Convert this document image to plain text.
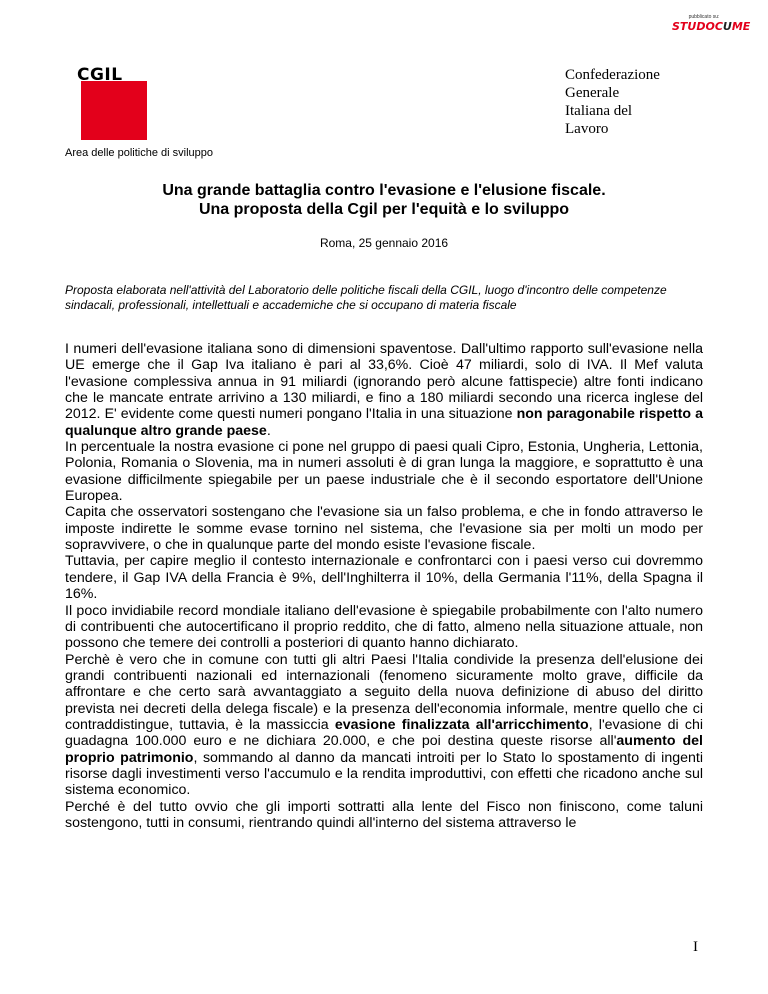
pubblicato su:
STUDOCUME
CGIL	Confederazione
Generale
Italiana del
Lavoro
Area delle politiche di sviluppo
Una grande battaglia contro l'evasione e l'elusione fiscale.
Una proposta della Cgil per l'equità e lo sviluppo
Roma, 25 gennaio 2016
Proposta elaborata nell'attività del Laboratorio delle politiche fiscali della CGIL, luogo d'incontro delle competenze sindacali, professionali, intellettuali e accademiche che si occupano di materia fiscale

I numeri dell'evasione italiana sono di dimensioni spaventose. Dall'ultimo rapporto sull'evasione nella UE emerge che il Gap Iva italiano è pari al 33,6%. Cioè 47 miliardi, solo di IVA. Il Mef valuta l'evasione complessiva annua in 91 miliardi (ignorando però alcune fattispecie) altre fonti indicano che le mancate entrate arrivino a 130 miliardi, e fino a 180 miliardi secondo una ricerca inglese del 2012. E' evidente come questi numeri pongano l'Italia in una situazione non paragonabile rispetto a qualunque altro grande paese.

In percentuale la nostra evasione ci pone nel gruppo di paesi quali Cipro, Estonia, Ungheria, Lettonia, Polonia, Romania o Slovenia, ma in numeri assoluti è di gran lunga la maggiore, e soprattutto è una evasione difficilmente spiegabile per un paese industriale che è il secondo esportatore dell'Unione Europea.

Capita che osservatori sostengano che l'evasione sia un falso problema, e che in fondo attraverso le imposte indirette le somme evase tornino nel sistema, che l'evasione sia per molti un modo per sopravvivere, o che in qualunque parte del mondo esiste l'evasione fiscale.

Tuttavia, per capire meglio il contesto internazionale e confrontarci con i paesi verso cui dovremmo tendere, il Gap IVA della Francia è 9%, dell'Inghilterra il 10%, della Germania l'11%, della Spagna il 16%.

Il poco invidiabile record mondiale italiano dell'evasione è spiegabile probabilmente con l'alto numero di contribuenti che autocertificano il proprio reddito, che di fatto, almeno nella situazione attuale, non possono che temere dei controlli a posteriori di quanto hanno dichiarato.

Perchè è vero che in comune con tutti gli altri Paesi l'Italia condivide la presenza dell'elusione dei grandi contribuenti nazionali ed internazionali (fenomeno sicuramente molto grave, difficile da affrontare e che certo sarà avvantaggiato a seguito della nuova definizione di abuso del diritto prevista nei decreti della delega fiscale) e la presenza dell'economia informale, mentre quello che ci contraddistingue, tuttavia, è la massiccia evasione finalizzata all'arricchimento, l'evasione di chi guadagna 100.000 euro e ne dichiara 20.000, e che poi destina queste risorse all'aumento del proprio patrimonio, sommando al danno da mancati introiti per lo Stato lo spostamento di ingenti risorse dagli investimenti verso l'accumulo e la rendita improduttivi, con effetti che ricadono anche sul sistema economico.

Perché è del tutto ovvio che gli importi sottratti alla lente del Fisco non finiscono, come taluni sostengono, tutti in consumi, rientrando quindi all'interno del sistema attraverso le

I
